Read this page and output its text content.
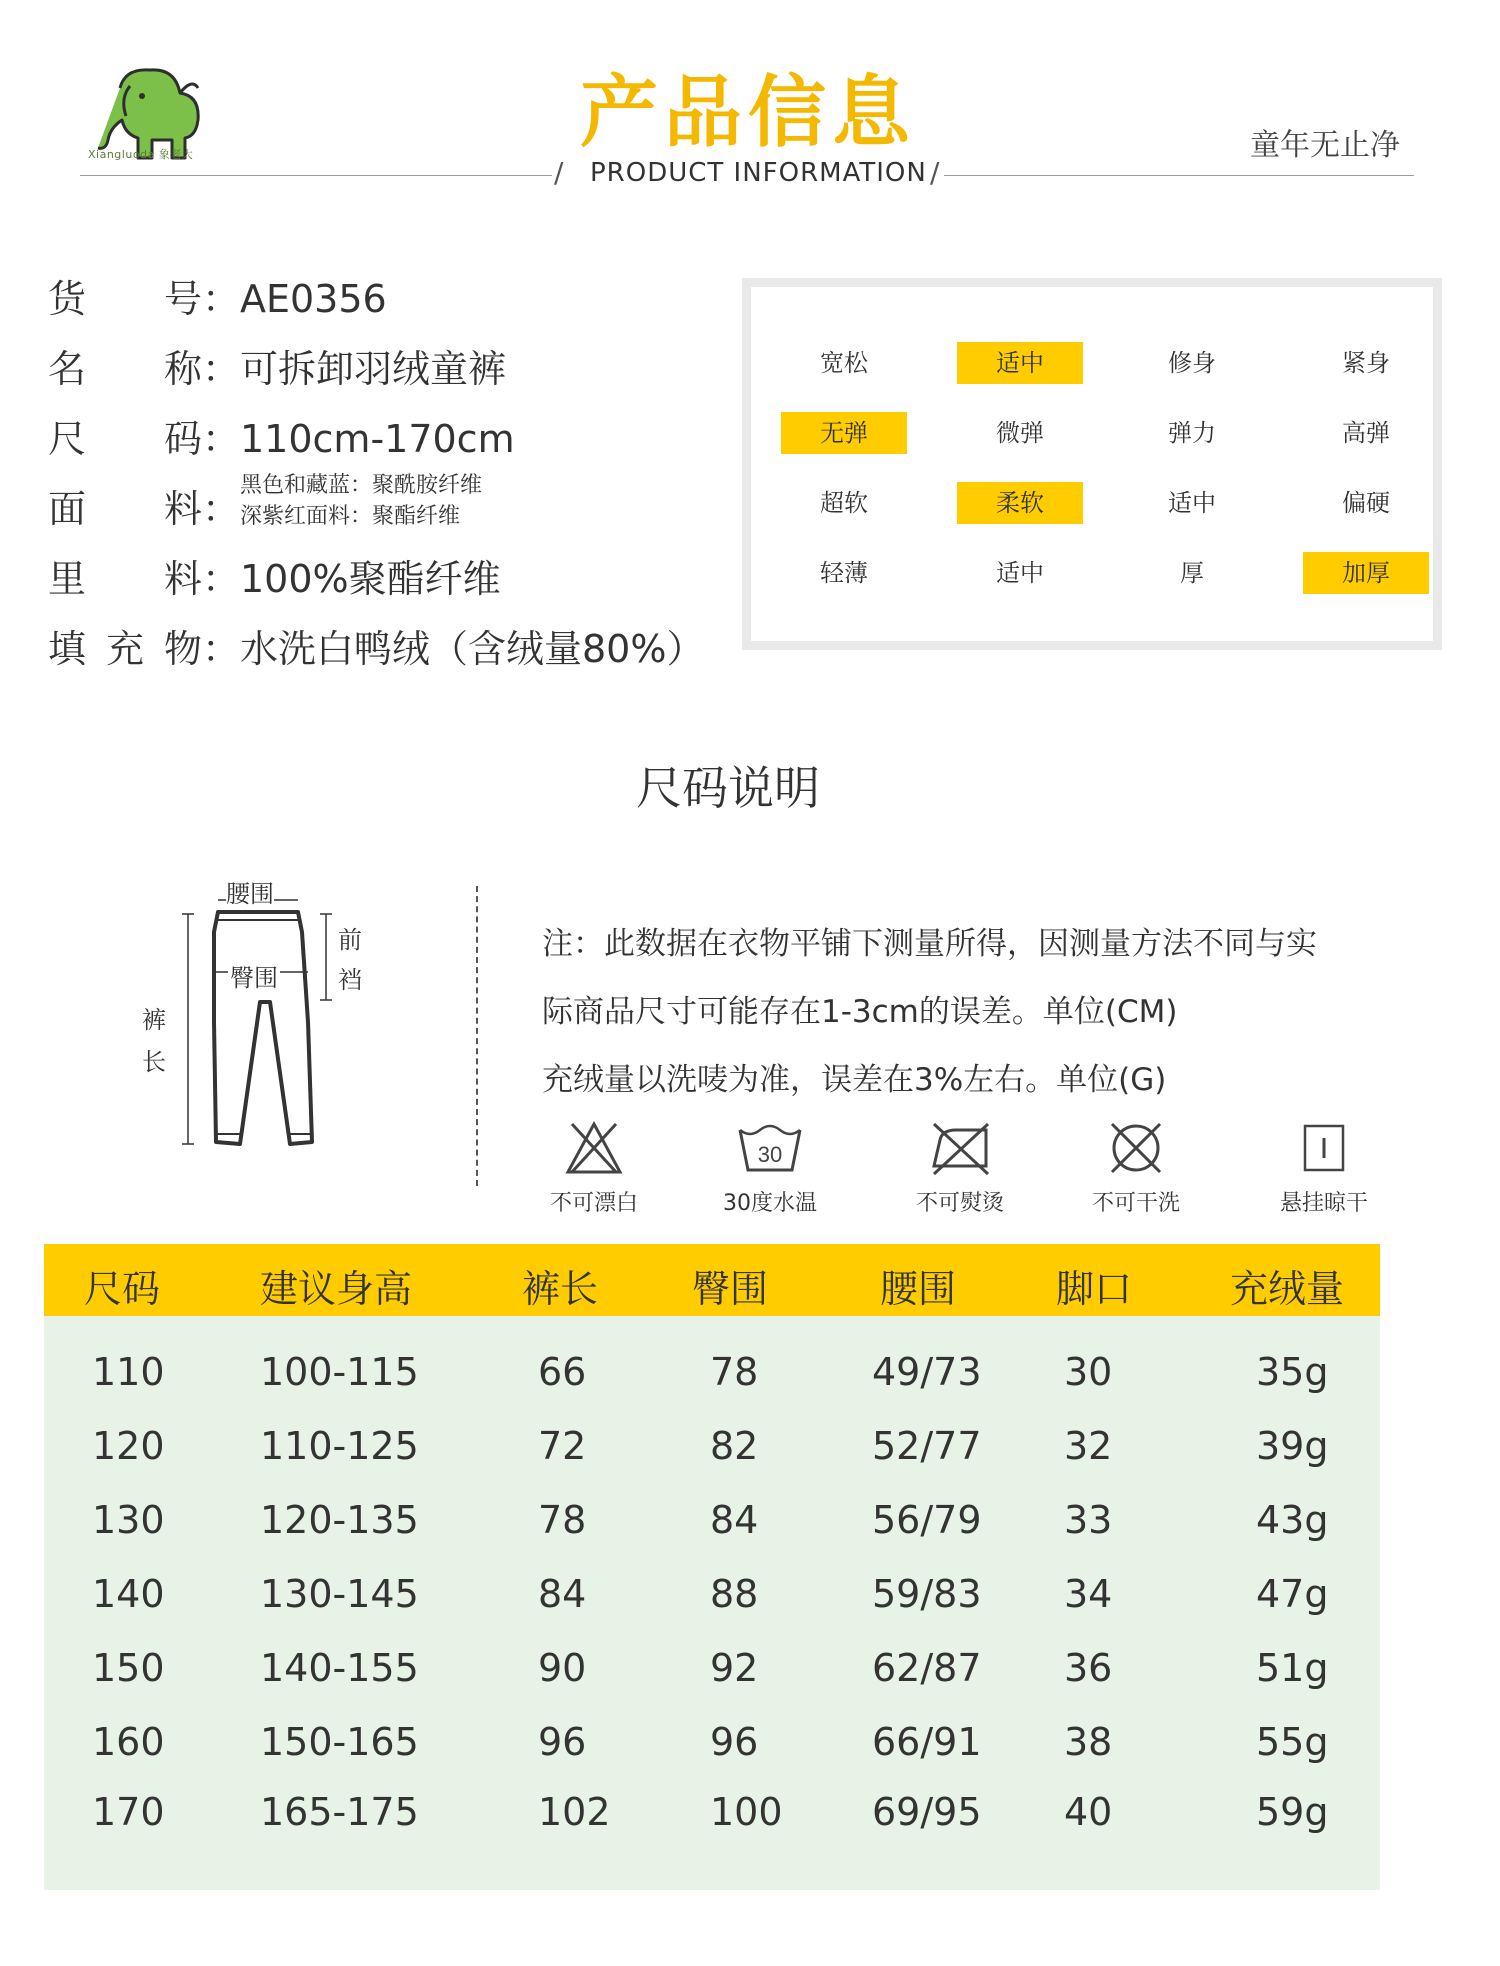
Xiangluoda 象老大	产品信息
/ PRODUCT INFORMATION /
童年无止净
货 号：AE0356
名 称：可拆卸羽绒童裤
尺 码：110cm-170cm
面 料：
黑色和藏蓝：聚酰胺纤维
深紫红面料：聚酯纤维
里 料：100%聚酯纤维
填 充 物：水洗白鸭绒（含绒量80%）
宽松	适中	修身	紧身
无弹	微弹	弹力	高弹
超软	柔软	适中	偏硬
轻薄	适中	厚	加厚
尺码说明
腰围
臀围
前
裆
裤
长
注：此数据在衣物平铺下测量所得，因测量方法不同与实
际商品尺寸可能存在1-3cm的误差。单位(CM)
充绒量以洗唛为准，误差在3%左右。单位(G)
不可漂白
30
30度水温	不可熨烫	不可干洗	悬挂晾干
尺码	建议身高	裤长 臀围	腰围	脚口	充绒量
110	100-115	66	78	49/73 30	35g
120	110-125	72	82	52/77 32	39g
130	120-135	78	84	56/79 33	43g
140	130-145	84	88	59/83 34	47g
150	140-155	90	92	62/87 36	51g
160	150-165	96	96	66/91 38	55g
170	165-175	102	100 69/95 40	59g
